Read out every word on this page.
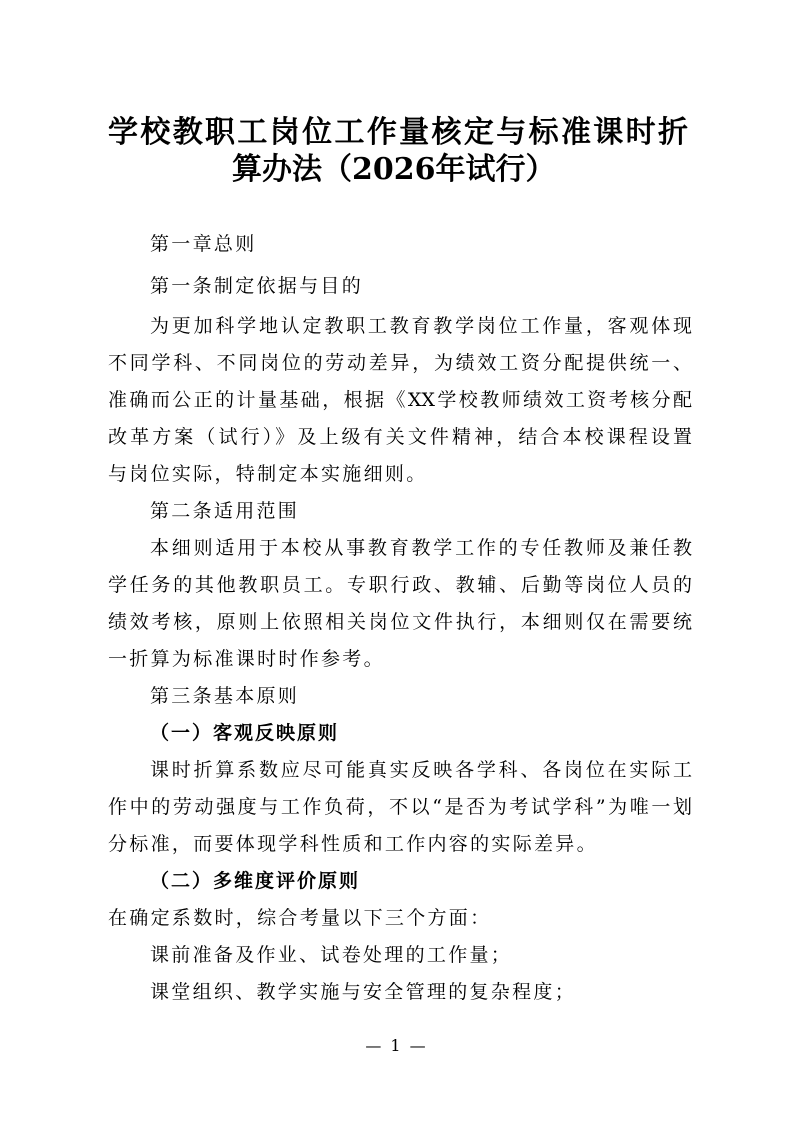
学校教职工岗位工作量核定与标准课时折
算办法（2026年试行）
第一章总则
第一条制定依据与目的
为更加科学地认定教职工教育教学岗位工作量，客观体现
不同学科、不同岗位的劳动差异，为绩效工资分配提供统一、
准确而公正的计量基础，根据《XX学校教师绩效工资考核分配
改革方案（试行）》及上级有关文件精神，结合本校课程设置
与岗位实际，特制定本实施细则。
第二条适用范围
本细则适用于本校从事教育教学工作的专任教师及兼任教
学任务的其他教职员工。专职行政、教辅、后勤等岗位人员的
绩效考核，原则上依照相关岗位文件执行，本细则仅在需要统
一折算为标准课时时作参考。
第三条基本原则
（一）客观反映原则
课时折算系数应尽可能真实反映各学科、各岗位在实际工
作中的劳动强度与工作负荷，不以“是否为考试学科”为唯一划
分标准，而要体现学科性质和工作内容的实际差异。
（二）多维度评价原则
在确定系数时，综合考量以下三个方面：
课前准备及作业、试卷处理的工作量；
课堂组织、教学实施与安全管理的复杂程度；
— 1 —
